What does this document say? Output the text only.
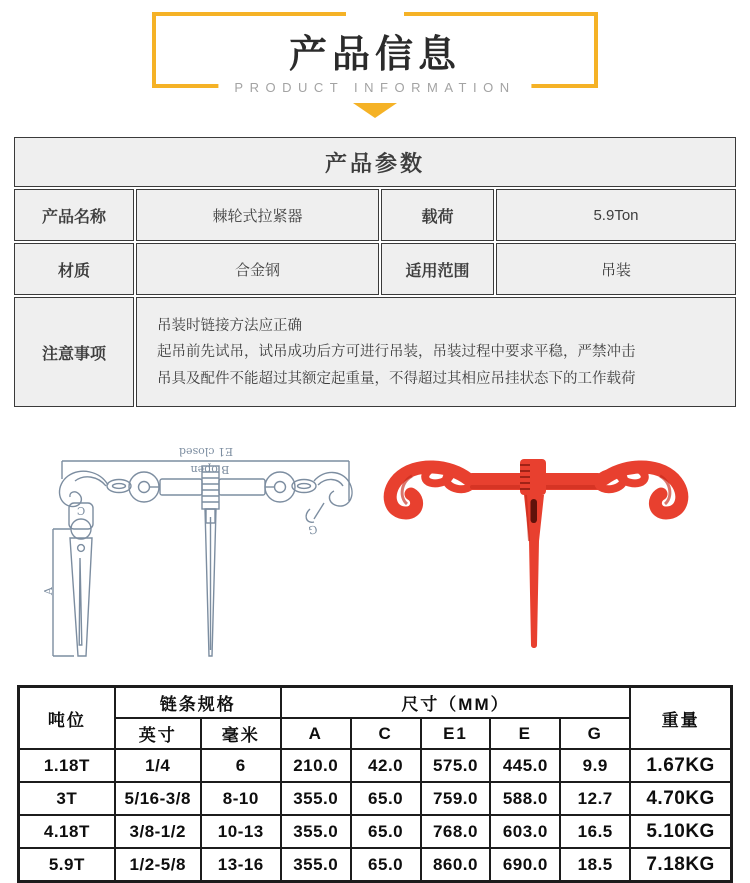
产品信息
PRODUCT INFORMATION
产品参数			
产品名称	棘轮式拉紧器	载荷	5.9Ton
材质	合金钢	适用范围	吊装
注意事项	吊装时链接方法应正确
起吊前先试吊，试吊成功后方可进行吊装，吊装过程中要求平稳，严禁冲击
吊具及配件不能超过其额定起重量，不得超过其相应吊挂状态下的工作载荷		
E1 closed
B open
C
A
G
吨位	链条规格		尺寸（MM）					重量
	英寸	毫米	A	C	E1	E	G	
1.18T	1/4	6	210.0	42.0	575.0	445.0	9.9	1.67KG
3T	5/16-3/8	8-10	355.0	65.0	759.0	588.0	12.7	4.70KG
4.18T	3/8-1/2	10-13	355.0	65.0	768.0	603.0	16.5	5.10KG
5.9T	1/2-5/8	13-16	355.0	65.0	860.0	690.0	18.5	7.18KG
